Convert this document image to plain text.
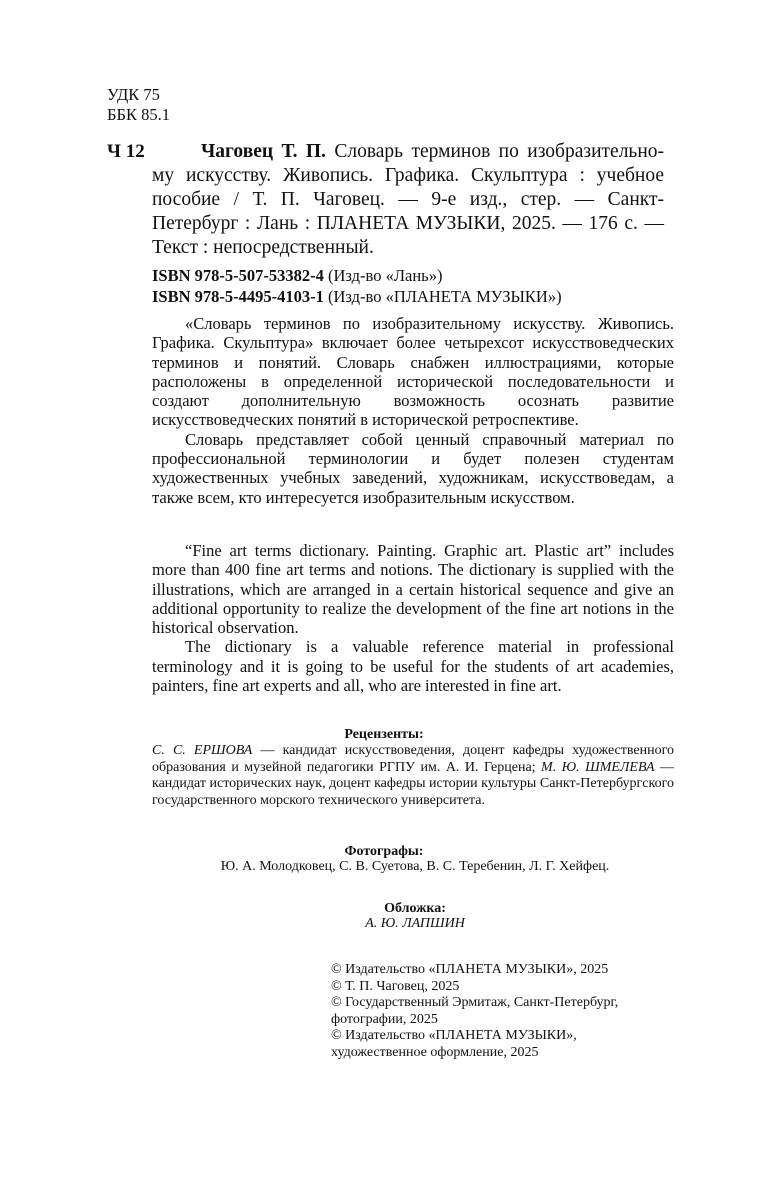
УДК 75
ББК 85.1
Ч 12	Чаговец Т. П. Словарь терминов по изобразительно-му искусству. Живопись. Графика. Скульптура : учебное пособие / Т. П. Чаговец. — 9-е изд., стер. — Санкт-Петербург : Лань : ПЛАНЕТА МУЗЫКИ, 2025. — 176 с. — Текст : непосредственный.
ISBN 978-5-507-53382-4 (Изд-во «Лань»)
ISBN 978-5-4495-4103-1 (Изд-во «ПЛАНЕТА МУЗЫКИ»)

«Словарь терминов по изобразительному искусству. Живопись. Графика. Скульптура» включает более четырехсот искусствоведческих терминов и понятий. Словарь снабжен иллюстрациями, которые расположены в определенной исторической последовательности и создают дополнительную возможность осознать развитие искусствоведческих понятий в исторической ретроспективе.

Словарь представляет собой ценный справочный материал по профессиональной терминологии и будет полезен студентам художественных учебных заведений, художникам, искусствоведам, а также всем, кто интересуется изобразительным искусством.

“Fine art terms dictionary. Painting. Graphic art. Plastic art” includes more than 400 fine art terms and notions. The dictionary is supplied with the illustrations, which are arranged in a certain historical sequence and give an additional opportunity to realize the development of the fine art notions in the historical observation.

The dictionary is a valuable reference material in professional terminology and it is going to be useful for the students of art academies, painters, fine art experts and all, who are interested in fine art.

Рецензенты:
С. С. ЕРШОВА — кандидат искусствоведения, доцент кафедры художественного образования и музейной педагогики РГПУ им. А. И. Герцена; М. Ю. ШМЕЛЕВА — кандидат исторических наук, доцент кафедры истории культуры Санкт-Петербургского государственного морского технического университета.
Фотографы:
Ю. А. Молодковец, С. В. Суетова, В. С. Теребенин, Л. Г. Хейфец.
Обложка:
А. Ю. ЛАПШИН
© Издательство «ПЛАНЕТА МУЗЫКИ», 2025
© Т. П. Чаговец, 2025
© Государственный Эрмитаж, Санкт-Петербург,
фотографии, 2025
© Издательство «ПЛАНЕТА МУЗЫКИ»,
художественное оформление, 2025
